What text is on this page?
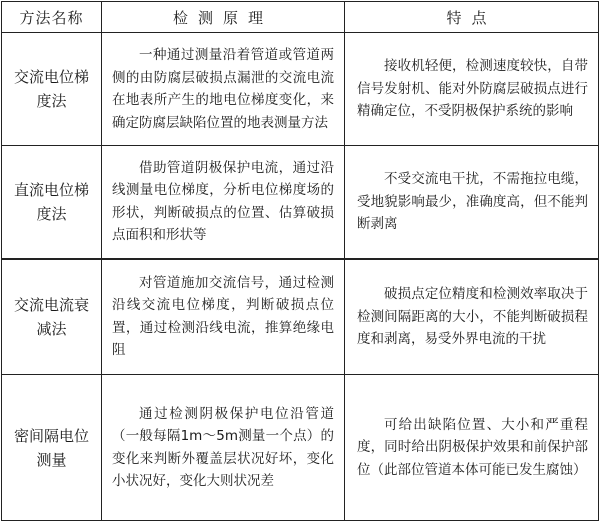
方法名称	检测原理	特点
交流电位梯度法	一种通过测量沿着管道或管道两侧的由防腐层破损点漏泄的交流电流在地表所产生的地电位梯度变化，来确定防腐层缺陷位置的地表测量方法	接收机轻便，检测速度较快，自带信号发射机、能对外防腐层破损点进行精确定位，不受阴极保护系统的影响
直流电位梯度法	借助管道阴极保护电流，通过沿线测量电位梯度，分析电位梯度场的形状，判断破损点的位置、估算破损点面积和形状等	不受交流电干扰，不需拖拉电缆，受地貌影响最少，准确度高，但不能判断剥离
交流电流衰减法	对管道施加交流信号，通过检测沿线交流电位梯度，判断破损点位置，通过检测沿线电流，推算绝缘电阻	破损点定位精度和检测效率取决于检测间隔距离的大小，不能判断破损程度和剥离，易受外界电流的干扰
密间隔电位测量	通过检测阴极保护电位沿管道（一般每隔1m～5m测量一个点）的变化来判断外覆盖层状况好坏，变化小状况好，变化大则状况差	可给出缺陷位置、大小和严重程度，同时给出阴极保护效果和前保护部位（此部位管道本体可能已发生腐蚀）
